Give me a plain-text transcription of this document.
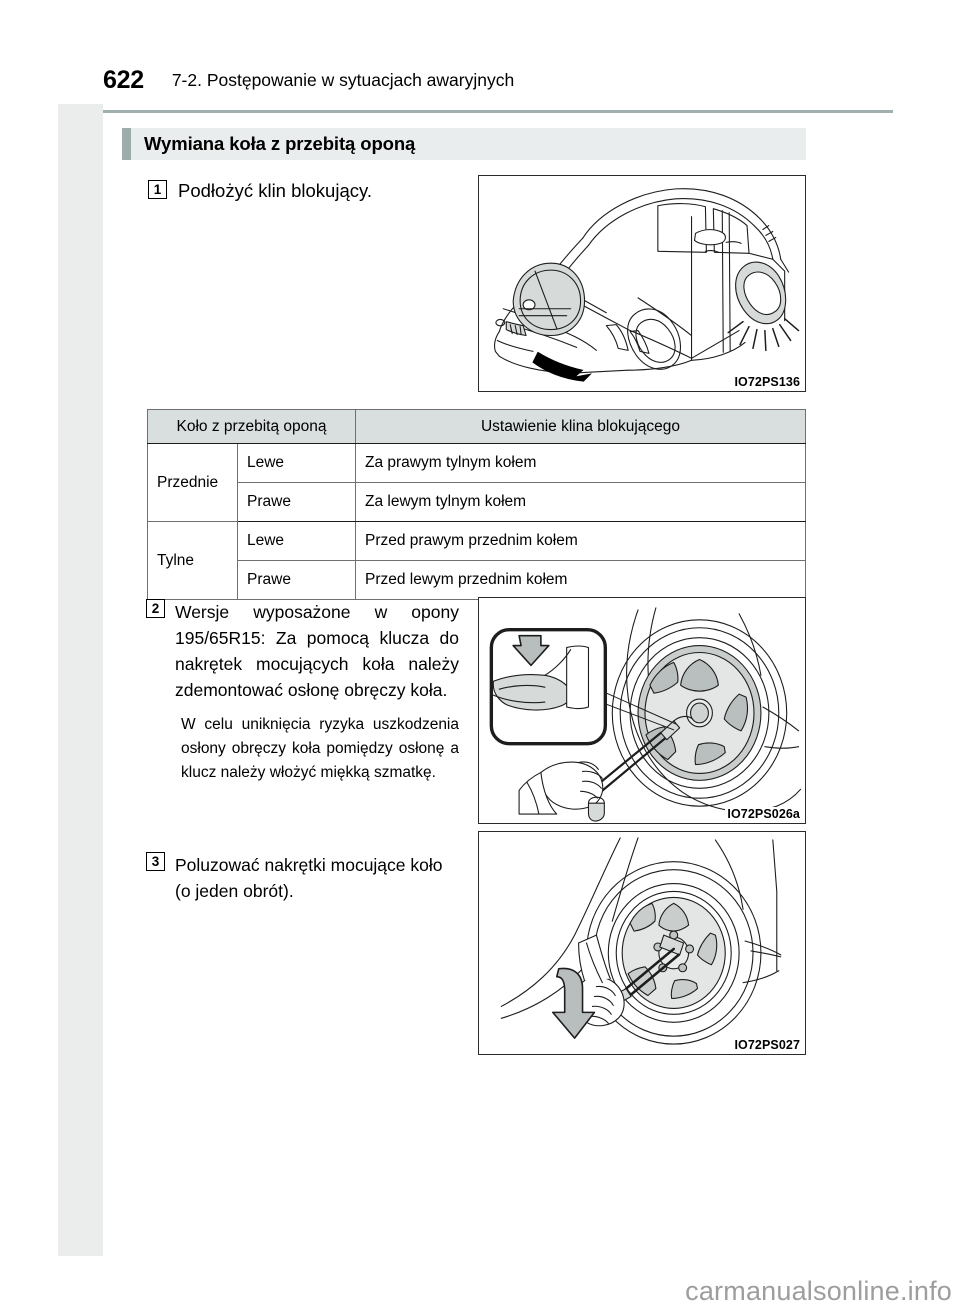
622 7-2. Postępowanie w sytuacjach awaryjnych
Wymiana koła z przebitą oponą
1 Podłożyć klin blokujący.
IO72PS136
Koło z przebitą oponą		Ustawienie klina blokującego
Przednie	Lewe	Za prawym tylnym kołem
	Prawe	Za lewym tylnym kołem
Tylne	Lewe	Przed prawym przednim kołem
	Prawe	Przed lewym przednim kołem
2 Wersje wyposażone w opony 195/65R15: Za pomocą klucza do nakrętek mocujących koła należy zdemontować osłonę obręczy koła.

W celu uniknięcia ryzyka uszkodzenia osłony obręczy koła pomiędzy osłonę a klucz należy włożyć miękką szmatkę.

IO72PS026a
3 Poluzować nakrętki mocujące koło (o jeden obrót).
IO72PS027
carmanualsonline.info
